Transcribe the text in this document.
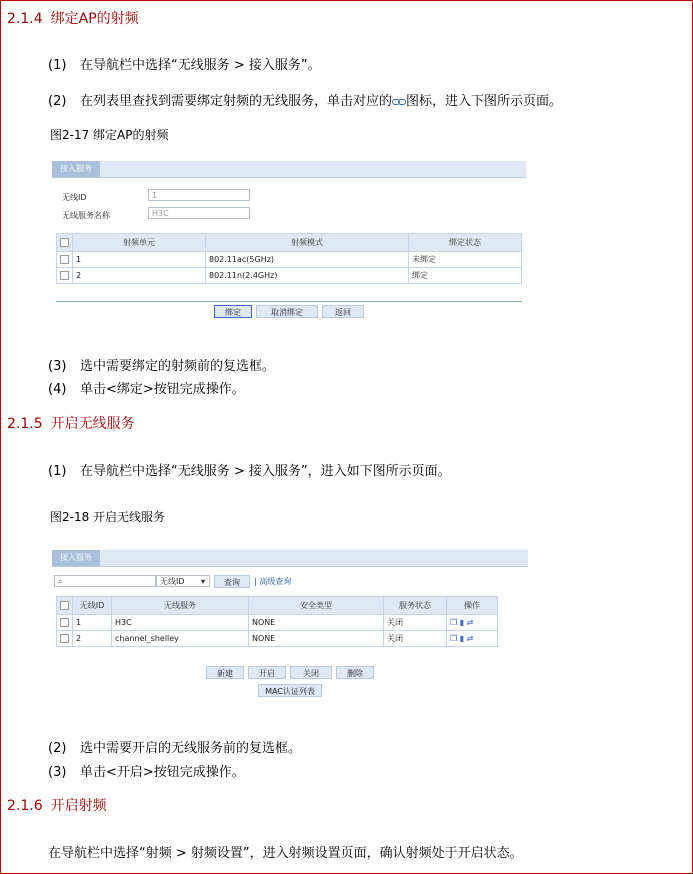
2.1.4 绑定AP的射频
(1) 在导航栏中选择“无线服务 > 接入服务”。
(2) 在列表里查找到需要绑定射频的无线服务，单击对应的 图标，进入下图所示页面。
图2-17 绑定AP的射频
接入服务
无线ID	1
无线服务名称	H3C
	射频单元	射频模式	绑定状态
	1	802.11ac(5GHz)	未绑定
	2	802.11n(2.4GHz)	绑定
绑定	取消绑定	返回
(3) 选中需要绑定的射频前的复选框。
(4) 单击<绑定>按钮完成操作。
2.1.5 开启无线服务
(1) 在导航栏中选择“无线服务 > 接入服务”，进入如下图所示页面。
图2-18 开启无线服务
接入服务
⌕	无线ID ▾	查询	| 高级查询
	无线ID	无线服务	安全类型	服务状态	操作
	1	H3C	NONE	关闭	❐ ▮ ⇄
	2	channel_shelley	NONE	关闭	❐ ▮ ⇄
新建	开启	关闭	删除
MAC认证列表
(2) 选中需要开启的无线服务前的复选框。
(3) 单击<开启>按钮完成操作。
2.1.6 开启射频
在导航栏中选择“射频 > 射频设置”，进入射频设置页面，确认射频处于开启状态。
